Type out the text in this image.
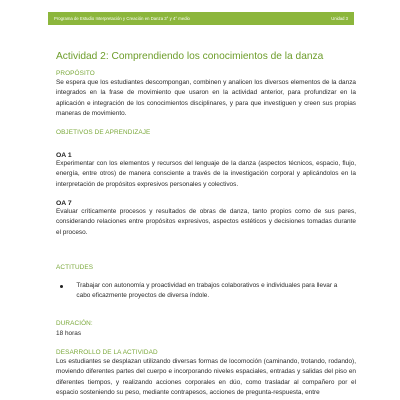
Programa de Estudio Interpretación y Creación en Danza 3° y 4° medio	Unidad 3
Actividad 2: Comprendiendo los conocimientos de la danza
PROPÓSITO
Se espera que los estudiantes descompongan, combinen y analicen los diversos elementos de la danza integrados en la frase de movimiento que usaron en la actividad anterior, para profundizar en la aplicación e integración de los conocimientos disciplinares, y para que investiguen y creen sus propias maneras de movimiento.
OBJETIVOS DE APRENDIZAJE
OA 1
Experimentar con los elementos y recursos del lenguaje de la danza (aspectos técnicos, espacio, flujo, energía, entre otros) de manera consciente a través de la investigación corporal y aplicándolos en la interpretación de propósitos expresivos personales y colectivos.
OA 7
Evaluar críticamente procesos y resultados de obras de danza, tanto propios como de sus pares, considerando relaciones entre propósitos expresivos, aspectos estéticos y decisiones tomadas durante el proceso.
ACTITUDES
Trabajar con autonomía y proactividad en trabajos colaborativos e individuales para llevar a cabo eficazmente proyectos de diversa índole.
DURACIÓN:
18 horas
DESARROLLO DE LA ACTIVIDAD
Los estudiantes se desplazan utilizando diversas formas de locomoción (caminando, trotando, rodando), moviendo diferentes partes del cuerpo e incorporando niveles espaciales, entradas y salidas del piso en diferentes tiempos, y realizando acciones corporales en dúo, como trasladar al compañero por el espacio sosteniendo su peso, mediante contrapesos, acciones de pregunta-respuesta, entre
